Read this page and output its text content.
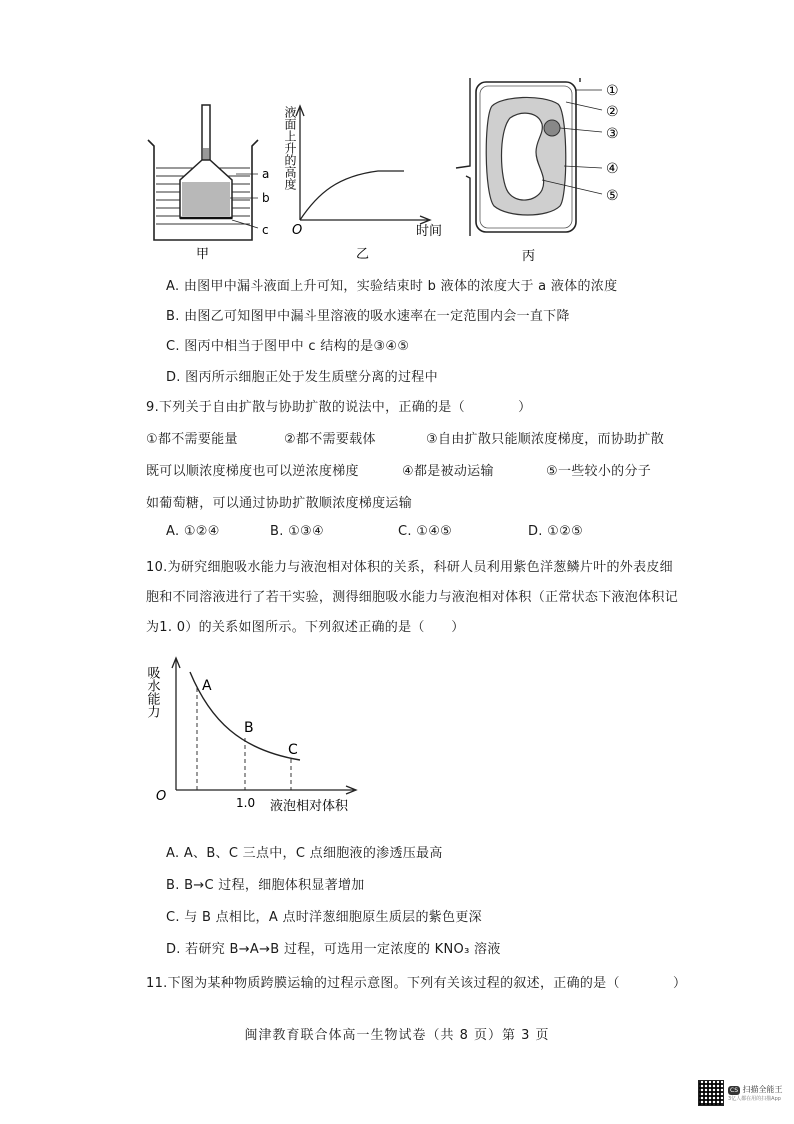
a
b
c
甲
O	时间
液面上升的高度
乙
①
②
③
④
⑤
丙
A. 由图甲中漏斗液面上升可知，实验结束时 b 液体的浓度大于 a 液体的浓度
B. 由图乙可知图甲中漏斗里溶液的吸水速率在一定范围内会一直下降
C. 图丙中相当于图甲中 c 结构的是③④⑤
D. 图丙所示细胞正处于发生质壁分离的过程中
9.下列关于自由扩散与协助扩散的说法中，正确的是（　　　　）
①都不需要能量	②都不需要载体	③自由扩散只能顺浓度梯度，而协助扩散
既可以顺浓度梯度也可以逆浓度梯度	④都是被动运输	⑤一些较小的分子
如葡萄糖，可以通过协助扩散顺浓度梯度运输
A. ①②④	B. ①③④	C. ①④⑤	D. ①②⑤
10.为研究细胞吸水能力与液泡相对体积的关系，科研人员利用紫色洋葱鳞片叶的外表皮细
胞和不同溶液进行了若干实验，测得细胞吸水能力与液泡相对体积（正常状态下液泡体积记
为1. 0）的关系如图所示。下列叙述正确的是（　　）
A
B
C
O	1.0 液泡相对体积
吸水能力
A. A、B、C 三点中，C 点细胞液的渗透压最高
B. B→C 过程，细胞体积显著增加
C. 与 B 点相比，A 点时洋葱细胞原生质层的紫色更深
D. 若研究 B→A→B 过程，可选用一定浓度的 KNO₃ 溶液
11.下图为某种物质跨膜运输的过程示意图。下列有关该过程的叙述，正确的是（　　　　）
闽津教育联合体高一生物试卷（共 8 页）第 3 页
CS 扫描全能王
3亿人都在用的扫描App
